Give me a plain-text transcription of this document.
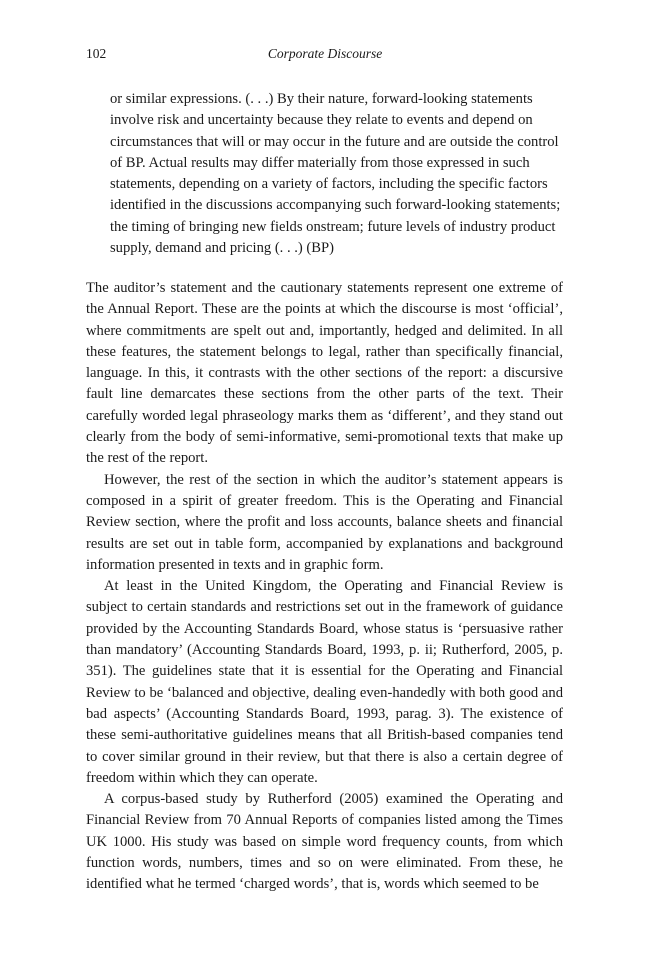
102	Corporate Discourse

or similar expressions. (. . .) By their nature, forward-looking statements involve risk and uncertainty because they relate to events and depend on circumstances that will or may occur in the future and are outside the control of BP. Actual results may differ materially from those expressed in such statements, depending on a variety of factors, including the specific factors identified in the discussions accompanying such forward-looking statements; the timing of bringing new fields onstream; future levels of industry product supply, demand and pricing (. . .) (BP)

The auditor’s statement and the cautionary statements represent one extreme of the Annual Report. These are the points at which the discourse is most ‘official’, where commitments are spelt out and, importantly, hedged and delimited. In all these features, the statement belongs to legal, rather than specifically financial, language. In this, it contrasts with the other sections of the report: a discursive fault line demarcates these sections from the other parts of the text. Their carefully worded legal phraseology marks them as ‘different’, and they stand out clearly from the body of semi-informative, semi-promotional texts that make up the rest of the report.

However, the rest of the section in which the auditor’s statement appears is composed in a spirit of greater freedom. This is the Operating and Financial Review section, where the profit and loss accounts, balance sheets and financial results are set out in table form, accompanied by explanations and background information presented in texts and in graphic form.

At least in the United Kingdom, the Operating and Financial Review is subject to certain standards and restrictions set out in the framework of guidance provided by the Accounting Standards Board, whose status is ‘persuasive rather than mandatory’ (Accounting Standards Board, 1993, p. ii; Rutherford, 2005, p. 351). The guidelines state that it is essential for the Operating and Financial Review to be ‘balanced and objective, dealing even-handedly with both good and bad aspects’ (Accounting Standards Board, 1993, parag. 3). The existence of these semi-authoritative guidelines means that all British-based companies tend to cover similar ground in their review, but that there is also a certain degree of freedom within which they can operate.

A corpus-based study by Rutherford (2005) examined the Operating and Financial Review from 70 Annual Reports of companies listed among the Times UK 1000. His study was based on simple word frequency counts, from which function words, numbers, times and so on were eliminated. From these, he identified what he termed ‘charged words’, that is, words which seemed to be
